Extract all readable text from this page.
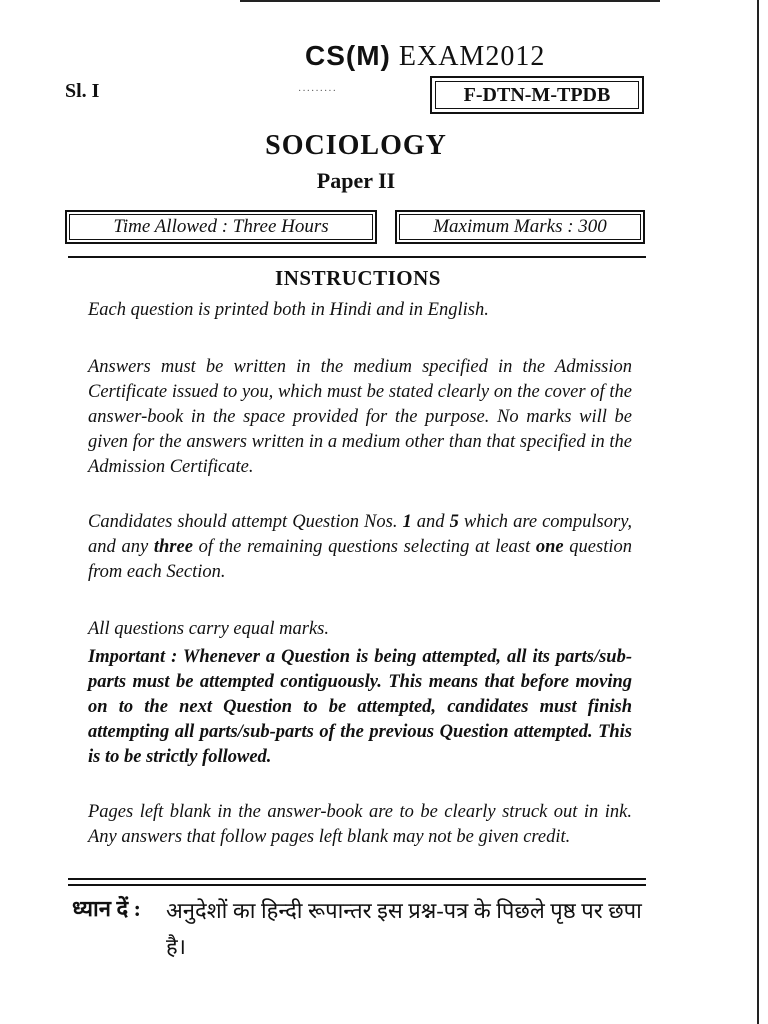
CS(M) EXAM2012
Sl. I	·········	F-DTN-M-TPDB
SOCIOLOGY
Paper II
Time Allowed : Three Hours	Maximum Marks : 300
INSTRUCTIONS

Each question is printed both in Hindi and in English.

Answers must be written in the medium specified in the Admission Certificate issued to you, which must be stated clearly on the cover of the answer-book in the space provided for the purpose. No marks will be given for the answers written in a medium other than that specified in the Admission Certificate.

Candidates should attempt Question Nos. 1 and 5 which are compulsory, and any three of the remaining questions selecting at least one question from each Section.

All questions carry equal marks.

Important : Whenever a Question is being attempted, all its parts/sub-parts must be attempted contiguously. This means that before moving on to the next Question to be attempted, candidates must finish attempting all parts/sub-parts of the previous Question attempted. This is to be strictly followed.

Pages left blank in the answer-book are to be clearly struck out in ink. Any answers that follow pages left blank may not be given credit.

ध्यान दें : अनुदेशों का हिन्दी रूपान्तर इस प्रश्न-पत्र के पिछले पृष्ठ पर छपा है।
